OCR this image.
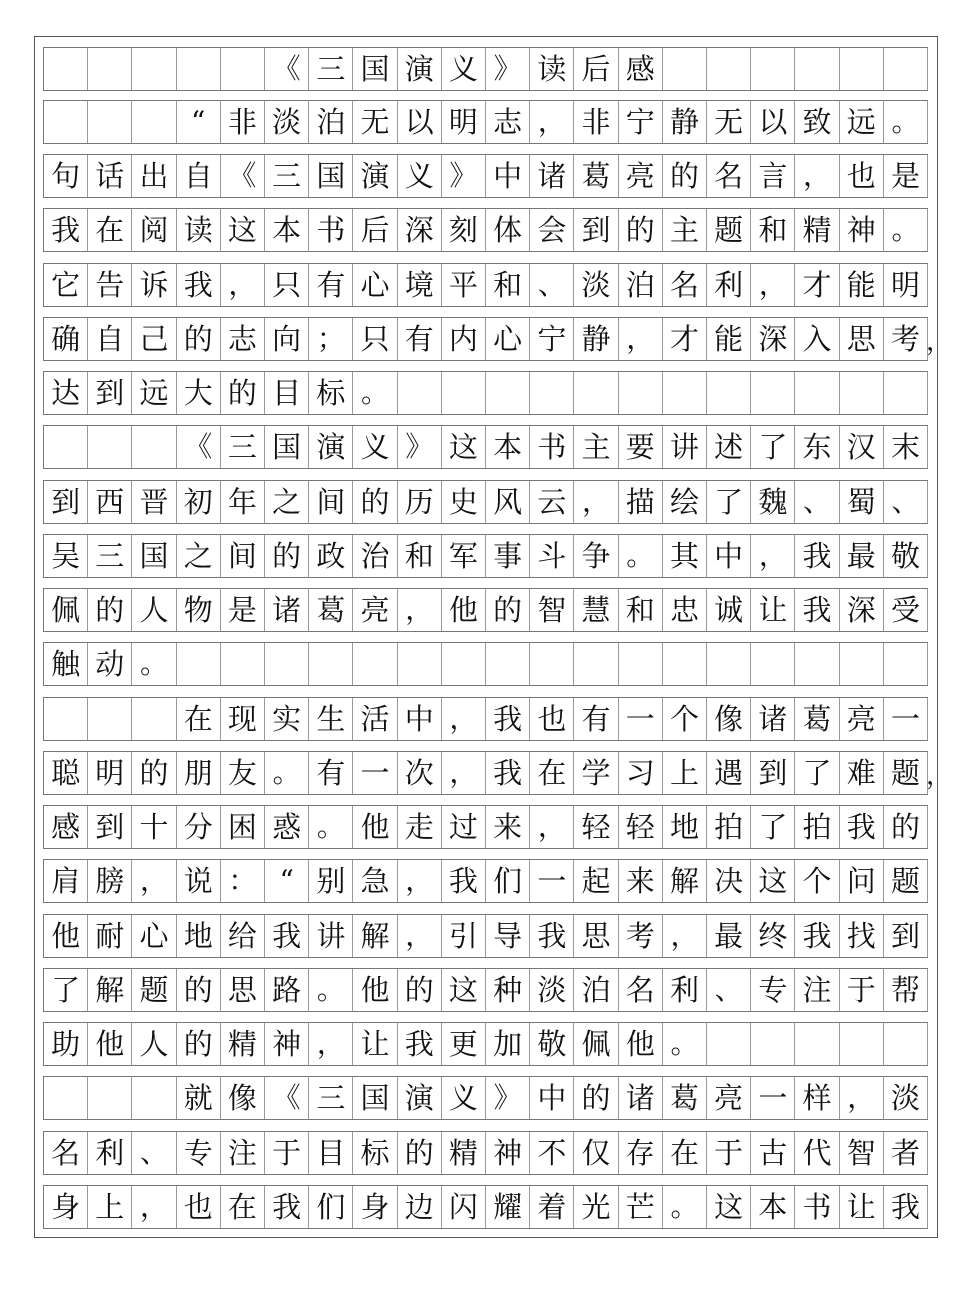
《 三 国 演 义 》 读 后 感
“ 非 淡 泊 无 以 明 志 ， 非 宁 静 无 以 致 远 。
句 话 出 自 《 三 国 演 义 》 中 诸 葛 亮 的 名 言 ， 也 是
我 在 阅 读 这 本 书 后 深 刻 体 会 到 的 主 题 和 精 神 。
它 告 诉 我 ， 只 有 心 境 平 和 、 淡 泊 名 利 ， 才 能 明
确 自 己 的 志 向 ； 只 有 内 心 宁 静 ， 才 能 深 入 思 考
达 到 远 大 的 目 标 。
《 三 国 演 义 》 这 本 书 主 要 讲 述 了 东 汉 末
到 西 晋 初 年 之 间 的 历 史 风 云 ， 描 绘 了 魏 、 蜀 、
吴 三 国 之 间 的 政 治 和 军 事 斗 争 。 其 中 ， 我 最 敬
佩 的 人 物 是 诸 葛 亮 ， 他 的 智 慧 和 忠 诚 让 我 深 受
触 动 。
在 现 实 生 活 中 ， 我 也 有 一 个 像 诸 葛 亮 一
聪 明 的 朋 友 。 有 一 次 ， 我 在 学 习 上 遇 到 了 难 题
感 到 十 分 困 惑 。 他 走 过 来 ， 轻 轻 地 拍 了 拍 我 的
肩 膀 ， 说 ： “ 别 急 ， 我 们 一 起 来 解 决 这 个 问 题
他 耐 心 地 给 我 讲 解 ， 引 导 我 思 考 ， 最 终 我 找 到
了 解 题 的 思 路 。 他 的 这 种 淡 泊 名 利 、 专 注 于 帮
助 他 人 的 精 神 ， 让 我 更 加 敬 佩 他 。
就 像 《 三 国 演 义 》 中 的 诸 葛 亮 一 样 ， 淡
名 利 、 专 注 于 目 标 的 精 神 不 仅 存 在 于 古 代 智 者
身 上 ， 也 在 我 们 身 边 闪 耀 着 光 芒 。 这 本 书 让 我
，
，
